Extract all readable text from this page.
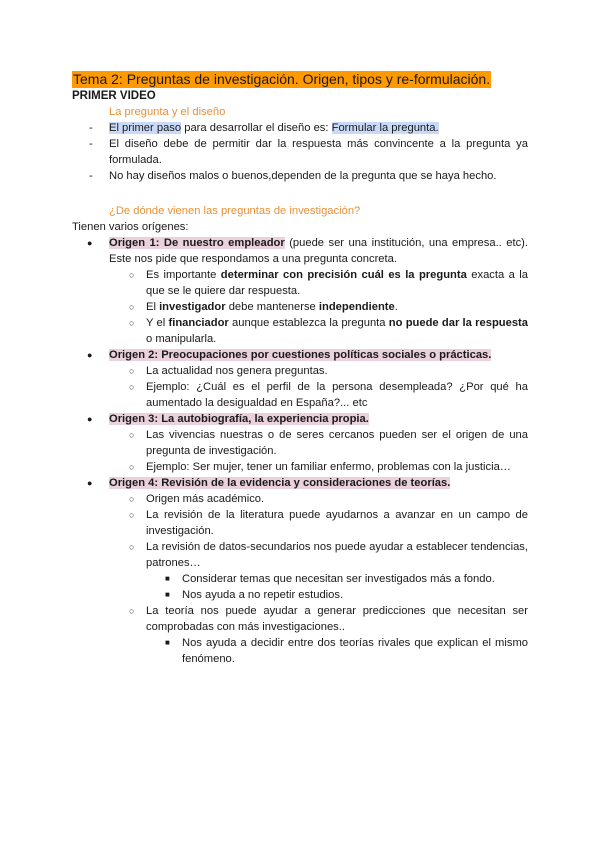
Tema 2: Preguntas de investigación. Origen, tipos y re-formulación.
PRIMER VIDEO
La pregunta y el diseño
- El primer paso para desarrollar el diseño es: Formular la pregunta.
- El diseño debe de permitir dar la respuesta más convincente a la pregunta ya formulada.
- No hay diseños malos o buenos,dependen de la pregunta que se haya hecho.
¿De dónde vienen las preguntas de investigación?
Tienen varios orígenes:
● Origen 1: De nuestro empleador (puede ser una institución, una empresa.. etc). Este nos pide que respondamos a una pregunta concreta.
○ Es importante determinar con precisión cuál es la pregunta exacta a la que se le quiere dar respuesta.
○ El investigador debe mantenerse independiente.
○ Y el financiador aunque establezca la pregunta no puede dar la respuesta o manipularla.
● Origen 2: Preocupaciones por cuestiones políticas sociales o prácticas.
○ La actualidad nos genera preguntas.
○ Ejemplo: ¿Cuál es el perfil de la persona desempleada? ¿Por qué ha aumentado la desigualdad en España?... etc
● Origen 3: La autobiografía, la experiencia propia.
○ Las vivencias nuestras o de seres cercanos pueden ser el origen de una pregunta de investigación.
○ Ejemplo: Ser mujer, tener un familiar enfermo, problemas con la justicia…
● Origen 4: Revisión de la evidencia y consideraciones de teorías.
○ Origen más académico.
○ La revisión de la literatura puede ayudarnos a avanzar en un campo de investigación.
○ La revisión de datos-secundarios nos puede ayudar a establecer tendencias, patrones…
■ Considerar temas que necesitan ser investigados más a fondo.
■ Nos ayuda a no repetir estudios.
○ La teoría nos puede ayudar a generar predicciones que necesitan ser comprobadas con más investigaciones..
■ Nos ayuda a decidir entre dos teorías rivales que explican el mismo fenómeno.
